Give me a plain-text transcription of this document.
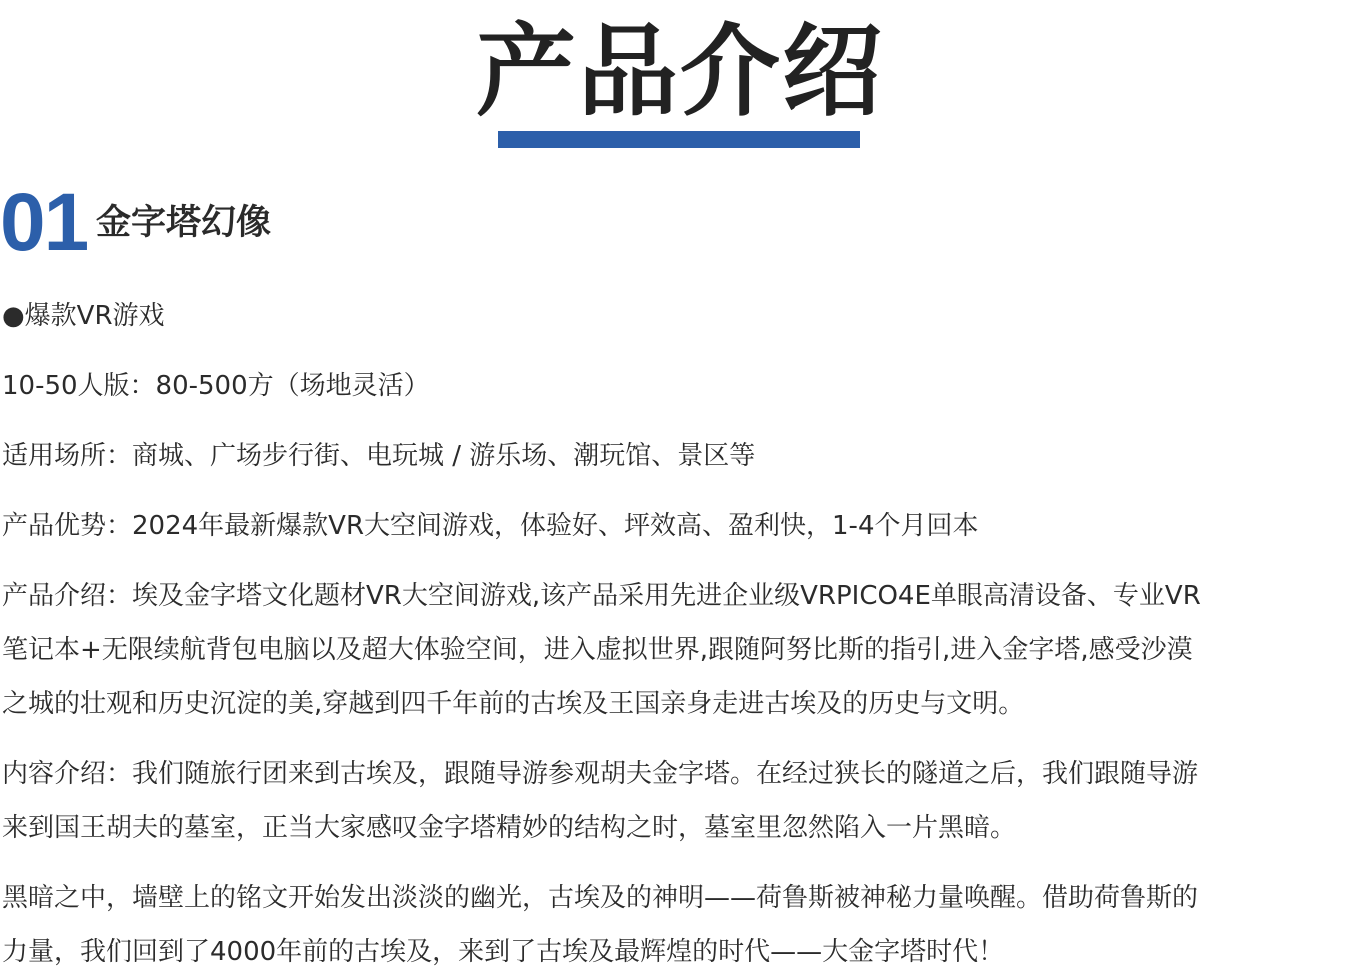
产品介绍
01 金字塔幻像
●爆款VR游戏
10-50人版：80-500方（场地灵活）
适用场所：商城、广场步行街、电玩城 / 游乐场、潮玩馆、景区等
产品优势：2024年最新爆款VR大空间游戏，体验好、坪效高、盈利快，1-4个月回本
产品介绍：埃及金字塔文化题材VR大空间游戏,该产品采用先进企业级VRPICO4E单眼高清设备、专业VR
笔记本+无限续航背包电脑以及超大体验空间，进入虚拟世界,跟随阿努比斯的指引,进入金字塔,感受沙漠
之城的壮观和历史沉淀的美,穿越到四千年前的古埃及王国亲身走进古埃及的历史与文明。
内容介绍：我们随旅行团来到古埃及，跟随导游参观胡夫金字塔。在经过狭长的隧道之后，我们跟随导游
来到国王胡夫的墓室，正当大家感叹金字塔精妙的结构之时，墓室里忽然陷入一片黑暗。
黑暗之中，墙壁上的铭文开始发出淡淡的幽光，古埃及的神明——荷鲁斯被神秘力量唤醒。借助荷鲁斯的
力量，我们回到了4000年前的古埃及，来到了古埃及最辉煌的时代——大金字塔时代！
